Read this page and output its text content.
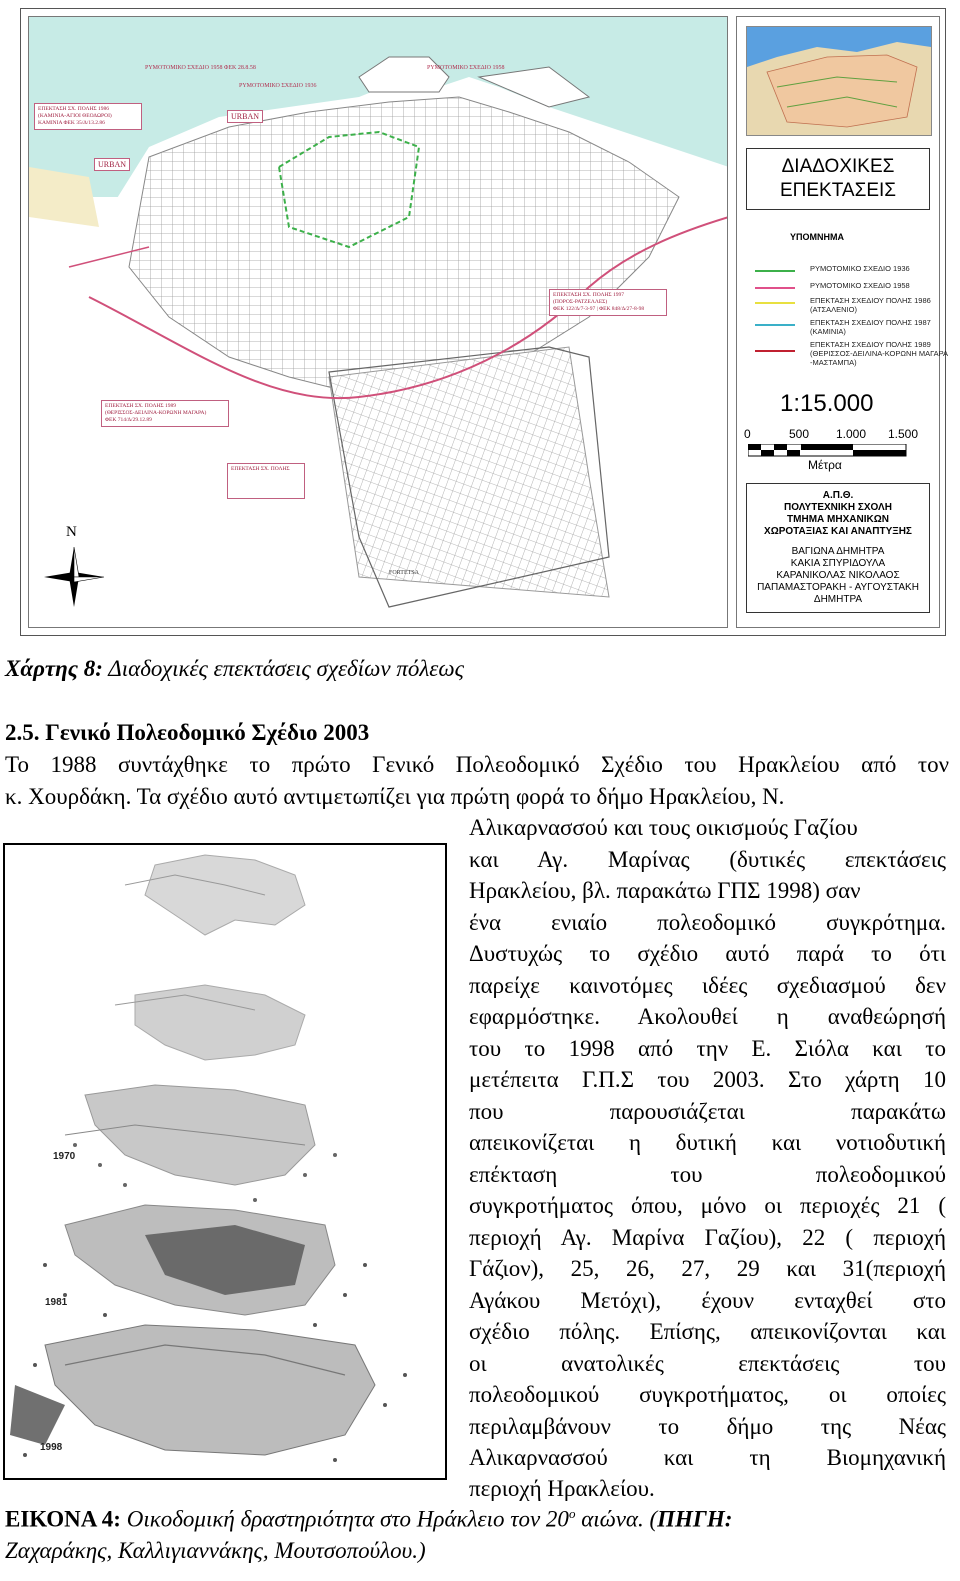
ΡΥΜΟΤΟΜΙΚΟ ΣΧΕΔΙΟ 1958 ΦΕΚ 28.8.58	ΡΥΜΟΤΟΜΙΚΟ ΣΧΕΔΙΟ 1958
ΡΥΜΟΤΟΜΙΚΟ ΣΧΕΔΙΟ 1936
URBAN
URBAN
ΕΠΕΚΤΑΣΗ ΣΧ. ΠΟΛΗΣ 1986
(ΚΑΜΙΝΙΑ-ΑΓΙΟΙ ΘΕΟΔΩΡΟΙ)
ΚΑΜΙΝΙΑ ΦΕΚ 35/Δ/13.2.86
ΕΠΕΚΤΑΣΗ ΣΧ. ΠΟΛΗΣ 1997
(ΠΟΡΟΣ-ΡΑΤΖΕΛΛΕΣ)
ΦΕΚ 122/Δ/7-3-97 | ΦΕΚ 848/Δ/27-8-98
ΕΠΕΚΤΑΣΗ ΣΧ. ΠΟΛΗΣ 1989
(ΘΕΡΙΣΣΟΣ-ΔΕΙΛΙΝΑ-ΚΟΡΩΝΗ ΜΑΓΑΡΑ)
ΦΕΚ 714/Δ/29.12.89
ΕΠΕΚΤΑΣΗ ΣΧ. ΠΟΛΗΣ
FORTETSA
N
ΔΙΑΔΟΧΙΚΕΣ
ΕΠΕΚΤΑΣΕΙΣ
ΥΠΟΜΝΗΜΑ
ΡΥΜΟΤΟΜΙΚΟ ΣΧΕΔΙΟ 1936
ΡΥΜΟΤΟΜΙΚΟ ΣΧΕΔΙΟ 1958
ΕΠΕΚΤΑΣΗ ΣΧΕΔΙΟΥ ΠΟΛΗΣ 1986
(ΑΤΣΑΛΕΝΙΟ)
ΕΠΕΚΤΑΣΗ ΣΧΕΔΙΟΥ ΠΟΛΗΣ 1987
(ΚΑΜΙΝΙΑ)
ΕΠΕΚΤΑΣΗ ΣΧΕΔΙΟΥ ΠΟΛΗΣ 1989
(ΘΕΡΙΣΣΟΣ-ΔΕΙΛΙΝΑ-ΚΟΡΩΝΗ ΜΑΓΑΡΑ
-ΜΑΣΤΑΜΠΑ)
1:15.000
0	500 1.000 1.500
Μέτρα
Α.Π.Θ.
ΠΟΛΥΤΕΧΝΙΚΗ ΣΧΟΛΗ
ΤΜΗΜΑ ΜΗΧΑΝΙΚΩΝ
ΧΩΡΟΤΑΞΙΑΣ ΚΑΙ ΑΝΑΠΤΥΞΗΣ
ΒΑΓΙΩΝΑ ΔΗΜΗΤΡΑ
ΚΑΚΙΑ ΣΠΥΡΙΔΟΥΛΑ
ΚΑΡΑΝΙΚΟΛΑΣ ΝΙΚΟΛΑΟΣ
ΠΑΠΑΜΑΣΤΟΡΑΚΗ - ΑΥΓΟΥΣΤΑΚΗ
ΔΗΜΗΤΡΑ
Χάρτης 8: Διαδοχικές επεκτάσεις σχεδίων πόλεως
2.5. Γενικό Πολεοδομικό Σχέδιο 2003
Το 1988 συντάχθηκε το πρώτο Γενικό Πολεοδομικό Σχέδιο του Ηρακλείου από τον
κ. Χουρδάκη. Τα σχέδιο αυτό αντιμετωπίζει για πρώτη φορά το δήμο Ηρακλείου, Ν.
Αλικαρνασσού και τους οικισμούς Γαζίου
και Αγ. Μαρίνας (δυτικές επεκτάσεις
Ηρακλείου, βλ. παρακάτω ΓΠΣ 1998) σαν
ένα ενιαίο πολεοδομικό συγκρότημα.
Δυστυχώς το σχέδιο αυτό παρά το ότι
παρείχε καινοτόμες ιδέες σχεδιασμού δεν
εφαρμόστηκε. Ακολουθεί η αναθεώρησή
του το 1998 από την Ε. Σιόλα και το
μετέπειτα Γ.Π.Σ του 2003. Στο χάρτη 10
που παρουσιάζεται παρακάτω
απεικονίζεται η δυτική και νοτιοδυτική
επέκταση του πολεοδομικού
συγκροτήματος όπου, μόνο οι περιοχές 21 (
περιοχή Αγ. Μαρίνα Γαζίου), 22 ( περιοχή
Γάζιον), 25, 26, 27, 29 και 31(περιοχή
Αγάκου Μετόχι), έχουν ενταχθεί στο
σχέδιο πόλης. Επίσης, απεικονίζονται και
οι ανατολικές επεκτάσεις του
πολεοδομικού συγκροτήματος, οι οποίες
περιλαμβάνουν το δήμο της Νέας
Αλικαρνασσού και τη Βιομηχανική
περιοχή Ηρακλείου.
1970
1981
1998
ΕΙΚΟΝΑ 4: Οικοδομική δραστηριότητα στο Ηράκλειο τον $20^o$ αιώνα. (ΠΗΓΗ:
Ζαχαράκης, Καλλιγιαννάκης, Μουτσοπούλου.)
